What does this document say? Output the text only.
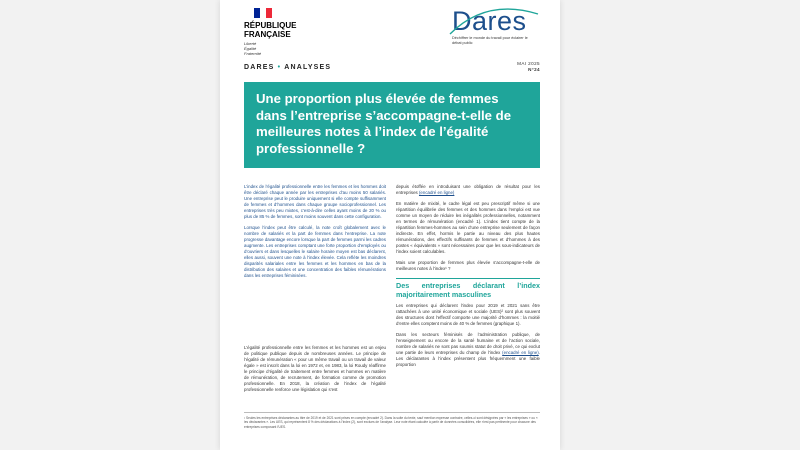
RÉPUBLIQUE
FRANÇAISE
Liberté
Égalité
Fraternité
Dares
Déchiffrer le monde du travail pour éclairer le débat public
DARES • ANALYSES
MAI 2025
N°24
Une proportion plus élevée de femmes dans l’entreprise s’accompagne-t-elle de meilleures notes à l’index de l’égalité professionnelle ?

L’index de l’égalité professionnelle entre les femmes et les hommes doit être déclaré chaque année par les entreprises d’au moins 50 salariés. Une entreprise peut le produire uniquement si elle compte suffisamment de femmes et d’hommes dans chaque groupe socioprofessionnel. Les entreprises très peu mixtes, c’est-à-dire celles ayant moins de 20 % ou plus de 85 % de femmes, sont moins souvent dans cette configuration.

Lorsque l’index peut être calculé, la note croît globalement avec le nombre de salariés et la part de femmes dans l’entreprise. La note progresse davantage encore lorsque la part de femmes parmi les cadres augmente. Les entreprises comptant une forte proportion d’employés ou d’ouvriers et dans lesquelles le salaire horaire moyen est bas déclarent, elles aussi, souvent une note à l’index élevée. Cela reflète les moindres disparités salariales entre les femmes et les hommes en bas de la distribution des salaires et une concentration des faibles rémunérations dans les entreprises féminisées.

L’égalité professionnelle entre les femmes et les hommes est un enjeu de politique publique depuis de nombreuses années. Le principe de l’égalité de rémunération « pour un même travail ou un travail de valeur égale » est inscrit dans la loi en 1972 et, en 1983, la loi Roudy réaffirme le principe d’égalité de traitement entre femmes et hommes en matière de rémunération, de recrutement, de formation comme de promotion professionnelle. En 2018, la création de l’index de l’égalité professionnelle renforce une législation qui s’est

depuis étoffée en introduisant une obligation de résultat pour les entreprises (encadré en ligne)

En matière de mixité, le cadre légal est peu prescriptif même si une répartition équilibrée des femmes et des hommes dans l’emploi est vue comme un moyen de réduire les inégalités professionnelles, notamment en termes de rémunération (encadré 1). L’index tient compte de la répartition femmes-hommes au sein d’une entreprise seulement de façon indirecte. En effet, hormis le partie au niveau des plus hautes rémunérations, des effectifs suffisants de femmes et d’hommes à des postes « équivalents » sont nécessaires pour que les sous-indicateurs de l’index soient calculables.

Mais une proportion de femmes plus élevée s’accompagne-t-elle de meilleures notes à l’index¹ ?

Des entreprises déclarant l’index majoritairement masculines

Les entreprises qui déclarent l’index pour 2019 et 2021 sans être rattachées à une unité économique et sociale (UES)² sont plus souvent des structures dont l’effectif comporte une majorité d’hommes : la moitié d’entre elles comptent moins de 40 % de femmes (graphique 1).

Dans les secteurs féminisés de l’administration publique, de l’enseignement ou encore de la santé humaine et de l’action sociale, nombre de salariés ne sont pas soumis statut de droit privé, ce qui exclut une partie de leurs entreprises du champ de l’index (encadré en ligne). Les déclarantes à l’index présentent plus fréquemment une faible proportion

¹ Seules les entreprises déclarantes au titre de 2019 et de 2021 sont prises en compte (encadré 2). Dans la suite du texte, sauf mention expresse contraire, celles-ci sont désignées par « les entreprises » ou « les déclarantes ». Les UES, qui représentent 8 % des déclarations à l’index (2), sont exclues de l’analyse. Leur note étant calculée à partir de données consolidées, elle n’est pas pertinente pour chacune des entreprises composant l’UES.
